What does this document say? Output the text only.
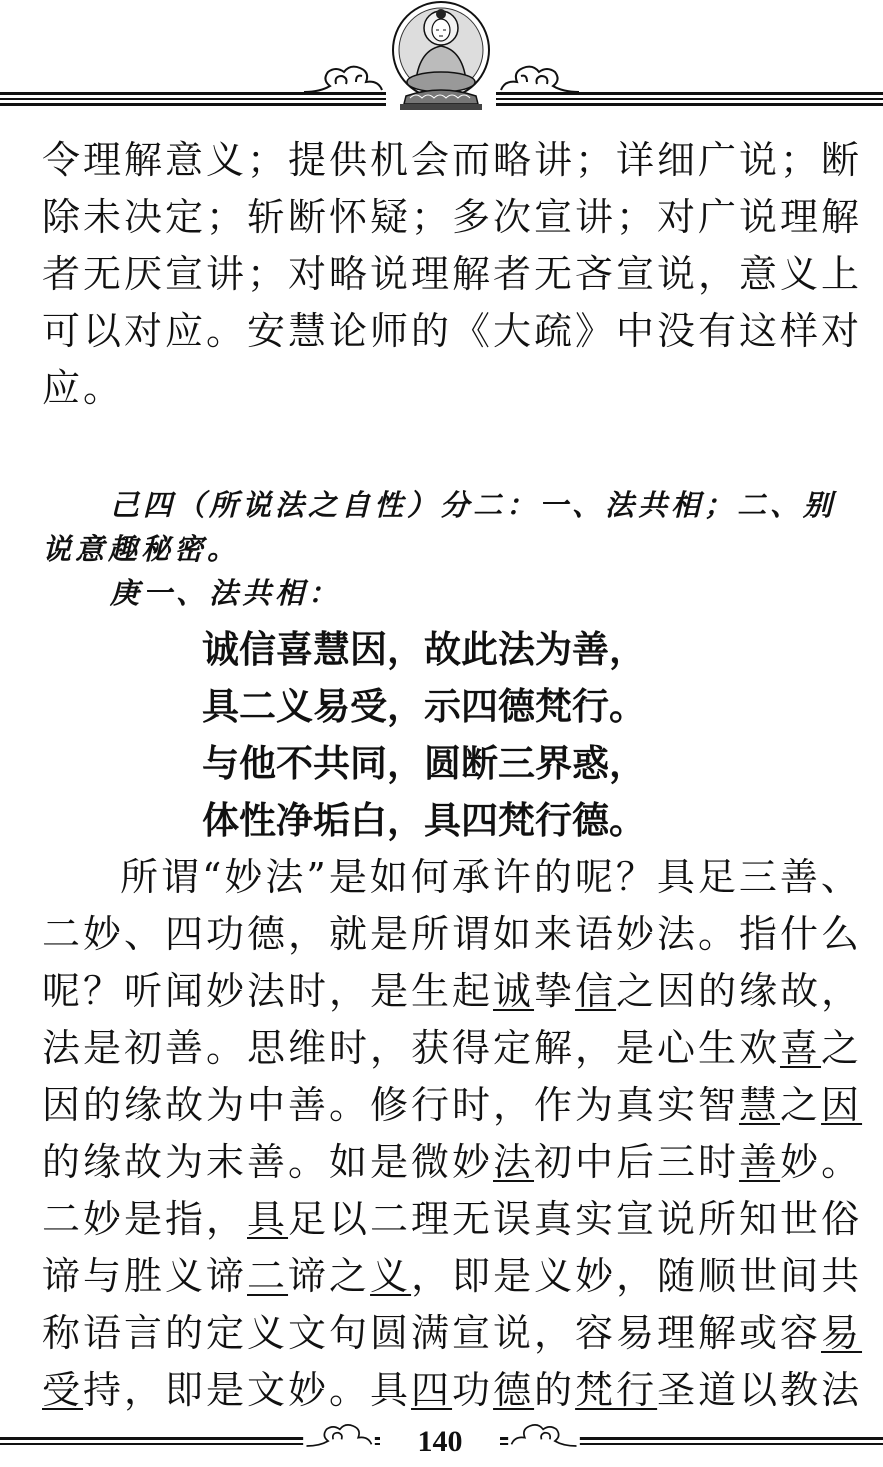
令理解意义；提供机会而略讲；详细广说；断
除未决定；斩断怀疑；多次宣讲；对广说理解
者无厌宣讲；对略说理解者无吝宣说，意义上
可以对应。安慧论师的《大疏》中没有这样对
应。
己四（所说法之自性）分二：一、法共相；二、别
说意趣秘密。
庚一、法共相：
诚信喜慧因，故此法为善，
具二义易受，示四德梵行。
与他不共同，圆断三界惑，
体性净垢白，具四梵行德。
所谓“妙法”是如何承许的呢？具足三善、
二妙、四功德，就是所谓如来语妙法。指什么
呢？听闻妙法时，是生起诚挚信之因的缘故，
法是初善。思维时，获得定解，是心生欢喜之
因的缘故为中善。修行时，作为真实智慧之因
的缘故为末善。如是微妙法初中后三时善妙。
二妙是指，具足以二理无误真实宣说所知世俗
谛与胜义谛二谛之义，即是义妙，随顺世间共
称语言的定义文句圆满宣说，容易理解或容易
受持，即是文妙。具四功德的梵行圣道以教法
140
